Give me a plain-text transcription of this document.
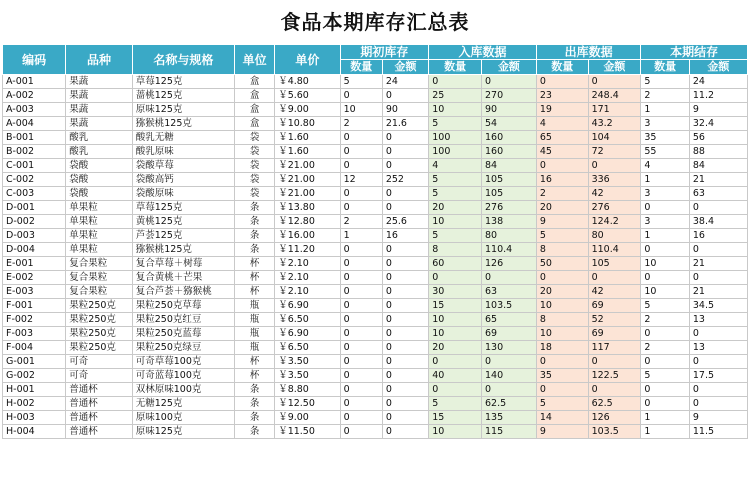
食品本期库存汇总表
编码	品种	名称与规格	单位	单价	期初库存		入库数据		出库数据		本期结存	
					数量	金额	数量	金额	数量	金额	数量	金额
A-001	果蔬	草莓125克	盒	￥4.80	5	24	0	0	0	0	5	24
A-002	果蔬	蔷桃125克	盒	￥5.60	0	0	25	270	23	248.4	2	11.2
A-003	果蔬	原味125克	盒	￥9.00	10	90	10	90	19	171	1	9
A-004	果蔬	猕猴桃125克	盒	￥10.80	2	21.6	5	54	4	43.2	3	32.4
B-001	酸乳	酸乳无糖	袋	￥1.60	0	0	100	160	65	104	35	56
B-002	酸乳	酸乳原味	袋	￥1.60	0	0	100	160	45	72	55	88
C-001	袋酸	袋酸草莓	袋	￥21.00	0	0	4	84	0	0	4	84
C-002	袋酸	袋酸高钙	袋	￥21.00	12	252	5	105	16	336	1	21
C-003	袋酸	袋酸原味	袋	￥21.00	0	0	5	105	2	42	3	63
D-001	单果粒	草莓125克	条	￥13.80	0	0	20	276	20	276	0	0
D-002	单果粒	黄桃125克	条	￥12.80	2	25.6	10	138	9	124.2	3	38.4
D-003	单果粒	芦荟125克	条	￥16.00	1	16	5	80	5	80	1	16
D-004	单果粒	猕猴桃125克	条	￥11.20	0	0	8	110.4	8	110.4	0	0
E-001	复合果粒	复合草莓＋树莓	杯	￥2.10	0	0	60	126	50	105	10	21
E-002	复合果粒	复合黄桃＋芒果	杯	￥2.10	0	0	0	0	0	0	0	0
E-003	复合果粒	复合芦荟＋猕猴桃	杯	￥2.10	0	0	30	63	20	42	10	21
F-001	果粒250克	果粒250克草莓	瓶	￥6.90	0	0	15	103.5	10	69	5	34.5
F-002	果粒250克	果粒250克红豆	瓶	￥6.50	0	0	10	65	8	52	2	13
F-003	果粒250克	果粒250克蓝莓	瓶	￥6.90	0	0	10	69	10	69	0	0
F-004	果粒250克	果粒250克绿豆	瓶	￥6.50	0	0	20	130	18	117	2	13
G-001	可奇	可奇草莓100克	杯	￥3.50	0	0	0	0	0	0	0	0
G-002	可奇	可奇蓝莓100克	杯	￥3.50	0	0	40	140	35	122.5	5	17.5
H-001	普通杯	双林原味100克	条	￥8.80	0	0	0	0	0	0	0	0
H-002	普通杯	无糖125克	条	￥12.50	0	0	5	62.5	5	62.5	0	0
H-003	普通杯	原味100克	条	￥9.00	0	0	15	135	14	126	1	9
H-004	普通杯	原味125克	条	￥11.50	0	0	10	115	9	103.5	1	11.5
